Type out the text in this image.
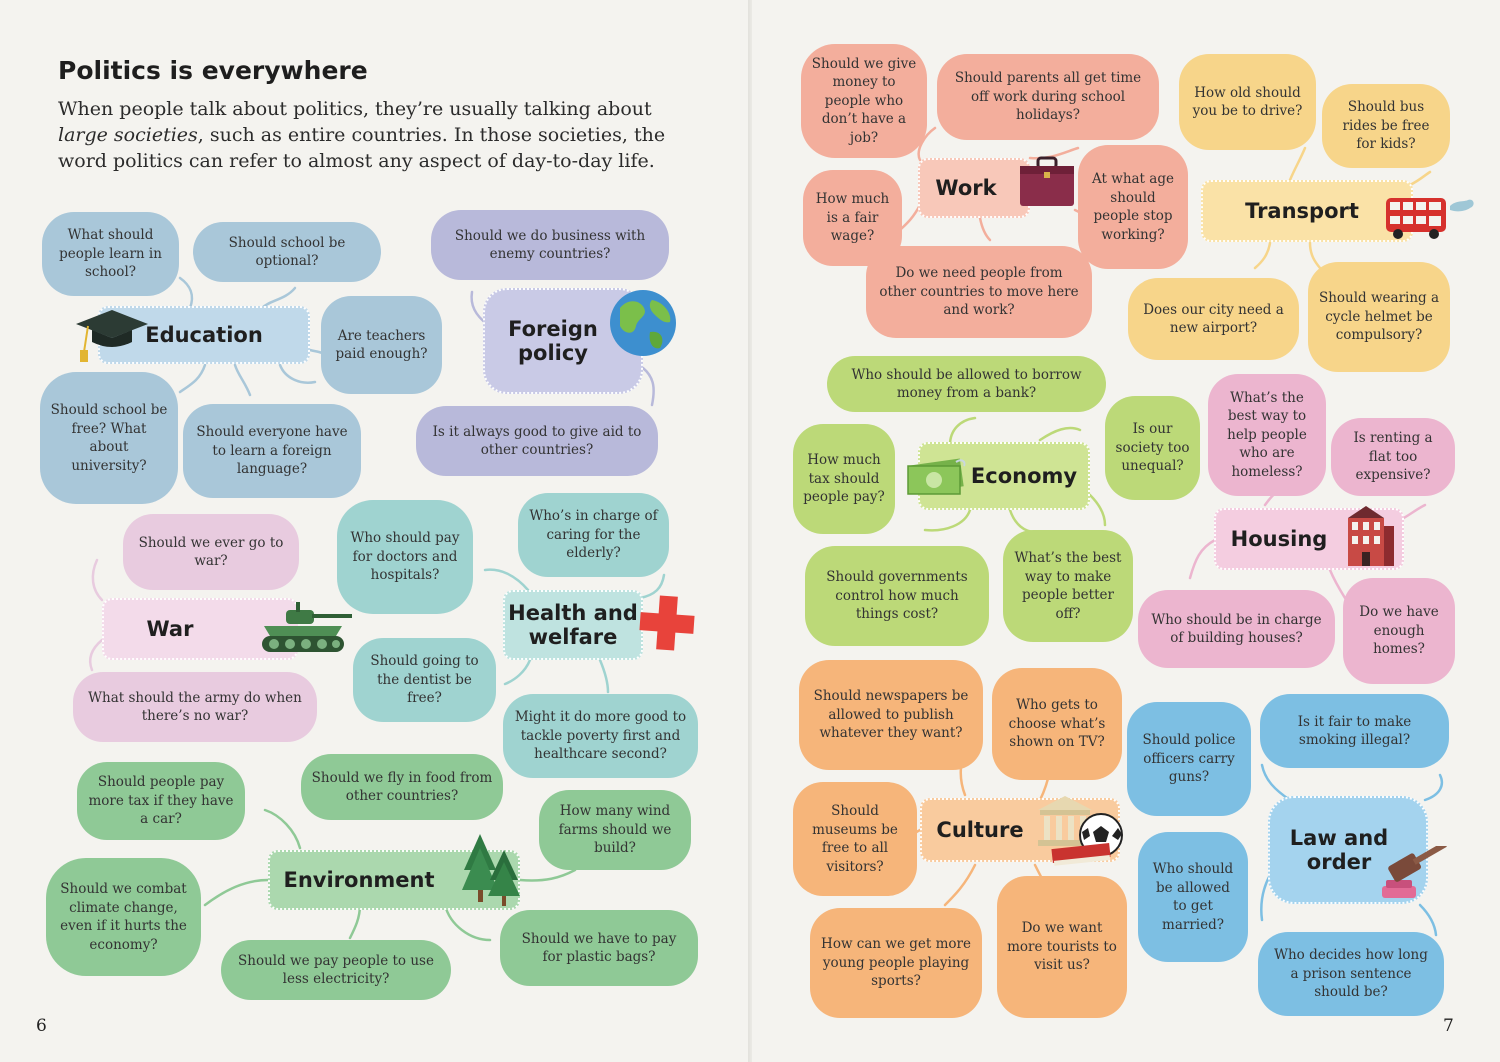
Politics is everywhere

When people talk about politics, they’re usually talking about large societies, such as entire countries. In those societies, the word politics can refer to almost any aspect of day-to-day life.

What should people learn in school?
Should school be optional?
Education	Are teachers paid enough?
Should school be free? What about university?
Should everyone have to learn a foreign language?
Should we do business with enemy countries?
Foreign policy
Is it always good to give aid to other countries?
Should we ever go to war?
War
What should the army do when there’s no war?
Who should pay for doctors and hospitals?
Who’s in charge of caring for the elderly?
Health and welfare
Should going to the dentist be free?
Might it do more good to tackle poverty first and healthcare second?
Should people pay more tax if they have a car?
Should we fly in food from other countries?
How many wind farms should we build?
Environment
Should we combat climate change, even if it hurts the economy?
Should we pay people to use less electricity?
Should we have to pay for plastic bags?
6
Should we give money to people who don’t have a job?
Should parents all get time off work during school holidays?
Work
How much is a fair wage?
At what age should people stop working?
Do we need people from other countries to move here and work?
How old should you be to drive?	Should bus rides be free for kids?
Transport
Does our city need a new airport?
Should wearing a cycle helmet be compulsory?
Who should be allowed to borrow money from a bank?
How much tax should people pay?
Economy
Is our society too unequal?
Should governments control how much things cost?
What’s the best way to make people better off?
What’s the best way to help people who are homeless?
Is renting a flat too expensive?
Housing
Who should be in charge of building houses?
Do we have enough homes?
Should newspapers be allowed to publish whatever they want?
Who gets to choose what’s shown on TV?
Should museums be free to all visitors?
Culture
How can we get more young people playing sports?
Do we want more tourists to visit us?
Should police officers carry guns?
Is it fair to make smoking illegal?
Law and order
Who should be allowed to get married?
Who decides how long a prison sentence should be?
7
